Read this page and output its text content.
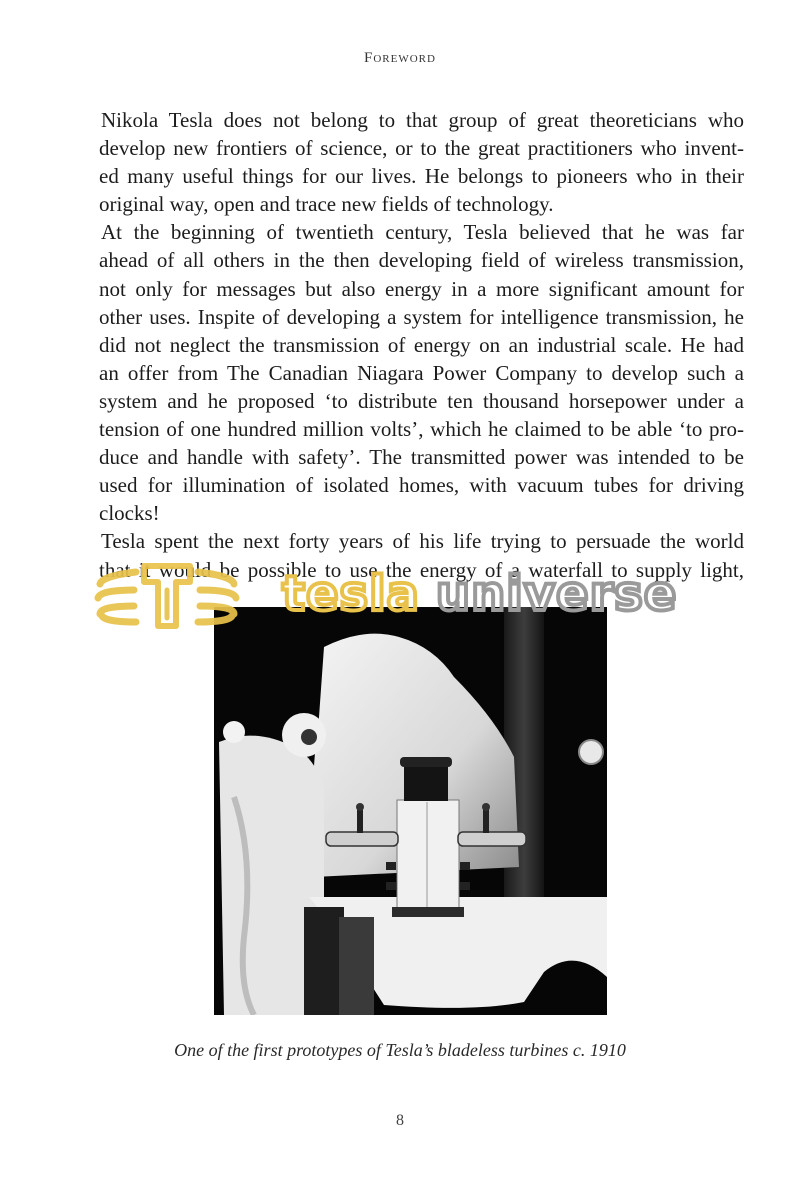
Foreword

Nikola Tesla does not belong to that group of great theoreticians who
develop new frontiers of science, or to the great practitioners who invent-
ed many useful things for our lives. He belongs to pioneers who in their
original way, open and trace new fields of technology.

At the beginning of twentieth century, Tesla believed that he was far
ahead of all others in the then developing field of wireless transmission,
not only for messages but also energy in a more significant amount for
other uses. Inspite of developing a system for intelligence transmission, he
did not neglect the transmission of energy on an industrial scale. He had
an offer from The Canadian Niagara Power Company to develop such a
system and he proposed ‘to distribute ten thousand horsepower under a
tension of one hundred million volts’, which he claimed to be able ‘to pro-
duce and handle with safety’. The transmitted power was intended to be
used for illumination of isolated homes, with vacuum tubes for driving
clocks!

Tesla spent the next forty years of his life trying to persuade the world
that it would be possible to use the energy of a waterfall to supply light,

tesla universe
One of the first prototypes of Tesla’s bladeless turbines c. 1910
8
